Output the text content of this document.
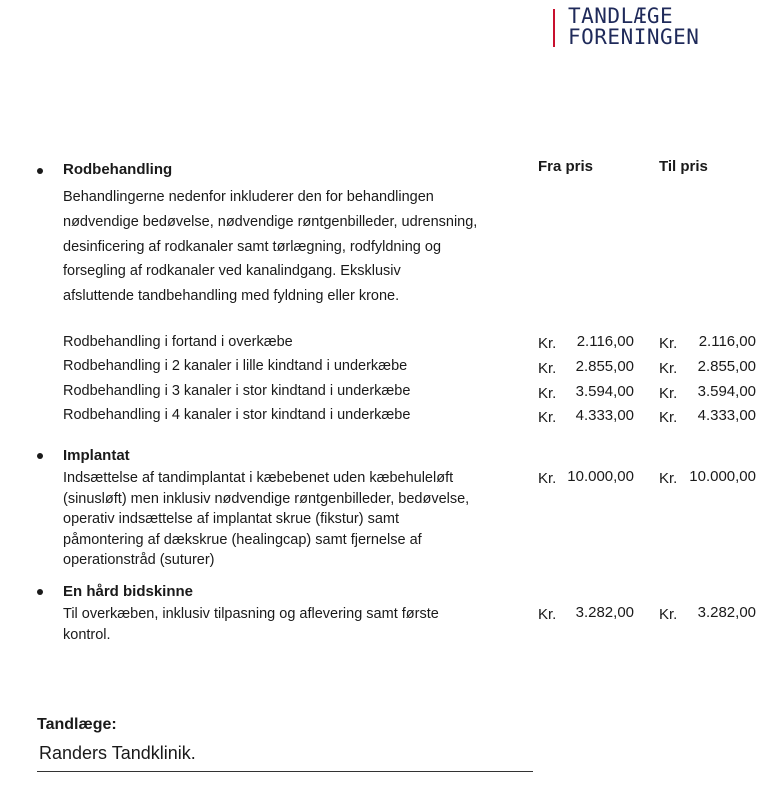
TANDLÆGE
FORENINGEN
Fra pris	Til pris
Rodbehandling
Behandlingerne nedenfor inkluderer den for behandlingen
nødvendige bedøvelse, nødvendige røntgenbilleder, udrensning,
desinficering af rodkanaler samt tørlægning, rodfyldning og
forsegling af rodkanaler ved kanalindgang. Eksklusiv
afsluttende tandbehandling med fyldning eller krone.
Rodbehandling i fortand i overkæbe	Kr. 2.116,00 Kr. 2.116,00
Rodbehandling i 2 kanaler i lille kindtand i underkæbe	Kr. 2.855,00 Kr. 2.855,00
Rodbehandling i 3 kanaler i stor kindtand i underkæbe	Kr. 3.594,00 Kr. 3.594,00
Rodbehandling i 4 kanaler i stor kindtand i underkæbe	Kr. 4.333,00 Kr. 4.333,00
Implantat
Indsættelse af tandimplantat i kæbebenet uden kæbehuleløft
(sinusløft) men inklusiv nødvendige røntgenbilleder, bedøvelse,
operativ indsættelse af implantat skrue (fikstur) samt
påmontering af dækskrue (healingcap) samt fjernelse af
operationstråd (suturer)
Kr. 10.000,00 Kr. 10.000,00
En hård bidskinne
Til overkæben, inklusiv tilpasning og aflevering samt første
kontrol.
Kr. 3.282,00 Kr. 3.282,00
Tandlæge:
Randers Tandklinik.
